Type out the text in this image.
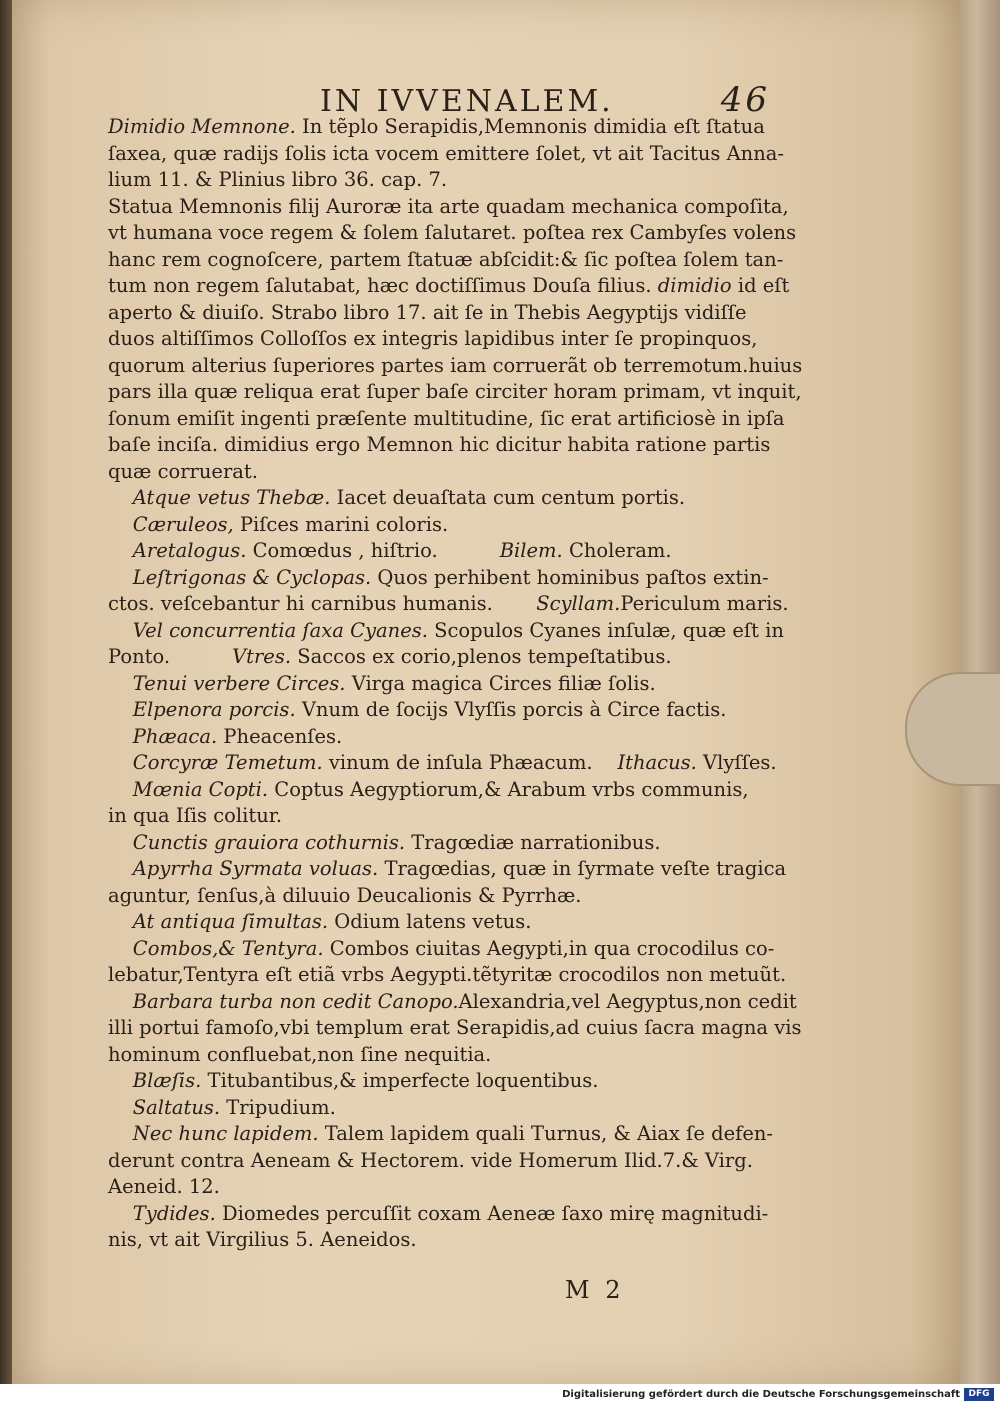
IN IVVENALEM.	46
Dimidio Memnone. In tẽplo Serapidis,Memnonis dimidia eſt ſtatua
ſaxea, quæ radijs ſolis icta vocem emittere ſolet, vt ait Tacitus Anna-
lium 11. & Plinius libro 36. cap. 7.
Statua Memnonis filij Auroræ ita arte quadam mechanica compoſita,
vt humana voce regem & ſolem ſalutaret. poſtea rex Cambyſes volens
hanc rem cognoſcere, partem ſtatuæ abſcidit:& ſic poſtea ſolem tan-
tum non regem ſalutabat, hæc doctiſſimus Douſa filius. dimidio id eſt
aperto & diuiſo. Strabo libro 17. ait ſe in Thebis Aegyptijs vidiſſe
duos altiſſimos Colloſſos ex integris lapidibus inter ſe propinquos,
quorum alterius ſuperiores partes iam corruerãt ob terremotum.huius
pars illa quæ reliqua erat ſuper baſe circiter horam primam, vt inquit,
ſonum emiſit ingenti præſente multitudine, ſic erat artificiosè in ipſa
baſe inciſa. dimidius ergo Memnon hic dicitur habita ratione partis
quæ corruerat.
Atque vetus Thebæ. Iacet deuaſtata cum centum portis.
Cæruleos, Piſces marini coloris.
Aretalogus. Comœdus , hiſtrio.          Bilem. Choleram.
Leſtrigonas & Cyclopas. Quos perhibent hominibus paſtos extin-
ctos. veſcebantur hi carnibus humanis.       Scyllam.Periculum maris.
Vel concurrentia ſaxa Cyanes. Scopulos Cyanes inſulæ, quæ eſt in
Ponto.	Vtres. Saccos ex corio,plenos tempeſtatibus.
Tenui verbere Circes. Virga magica Circes filiæ ſolis.
Elpenora porcis. Vnum de ſocijs Vlyſſis porcis à Circe factis.
Phæaca. Pheacenſes.
Corcyræ Temetum. vinum de inſula Phæacum.    Ithacus. Vlyſſes.
Mœnia Copti. Coptus Aegyptiorum,& Arabum vrbs communis,
in qua Iſis colitur.
Cunctis grauiora cothurnis. Tragœdiæ narrationibus.
Apyrrha Syrmata voluas. Tragœdias, quæ in ſyrmate veſte tragica
aguntur, ſenſus,à diluuio Deucalionis & Pyrrhæ.
At antiqua ſimultas. Odium latens vetus.
Combos,& Tentyra. Combos ciuitas Aegypti,in qua crocodilus co-
lebatur,Tentyra eſt etiã vrbs Aegypti.tẽtyritæ crocodilos non metuũt.
Barbara turba non cedit Canopo.Alexandria,vel Aegyptus,non cedit
illi portui famoſo,vbi templum erat Serapidis,ad cuius ſacra magna vis
hominum confluebat,non ſine nequitia.
Blæſis. Titubantibus,& imperfecte loquentibus.
Saltatus. Tripudium.
Nec hunc lapidem. Talem lapidem quali Turnus, & Aiax ſe defen-
derunt contra Aeneam & Hectorem. vide Homerum Ilid.7.& Virg.
Aeneid. 12.
Tydides. Diomedes percuſſit coxam Aeneæ ſaxo mirę magnitudi-
nis, vt ait Virgilius 5. Aeneidos.
M 2
Digitalisierung gefördert durch die Deutsche Forschungsgemeinschaft DFG
